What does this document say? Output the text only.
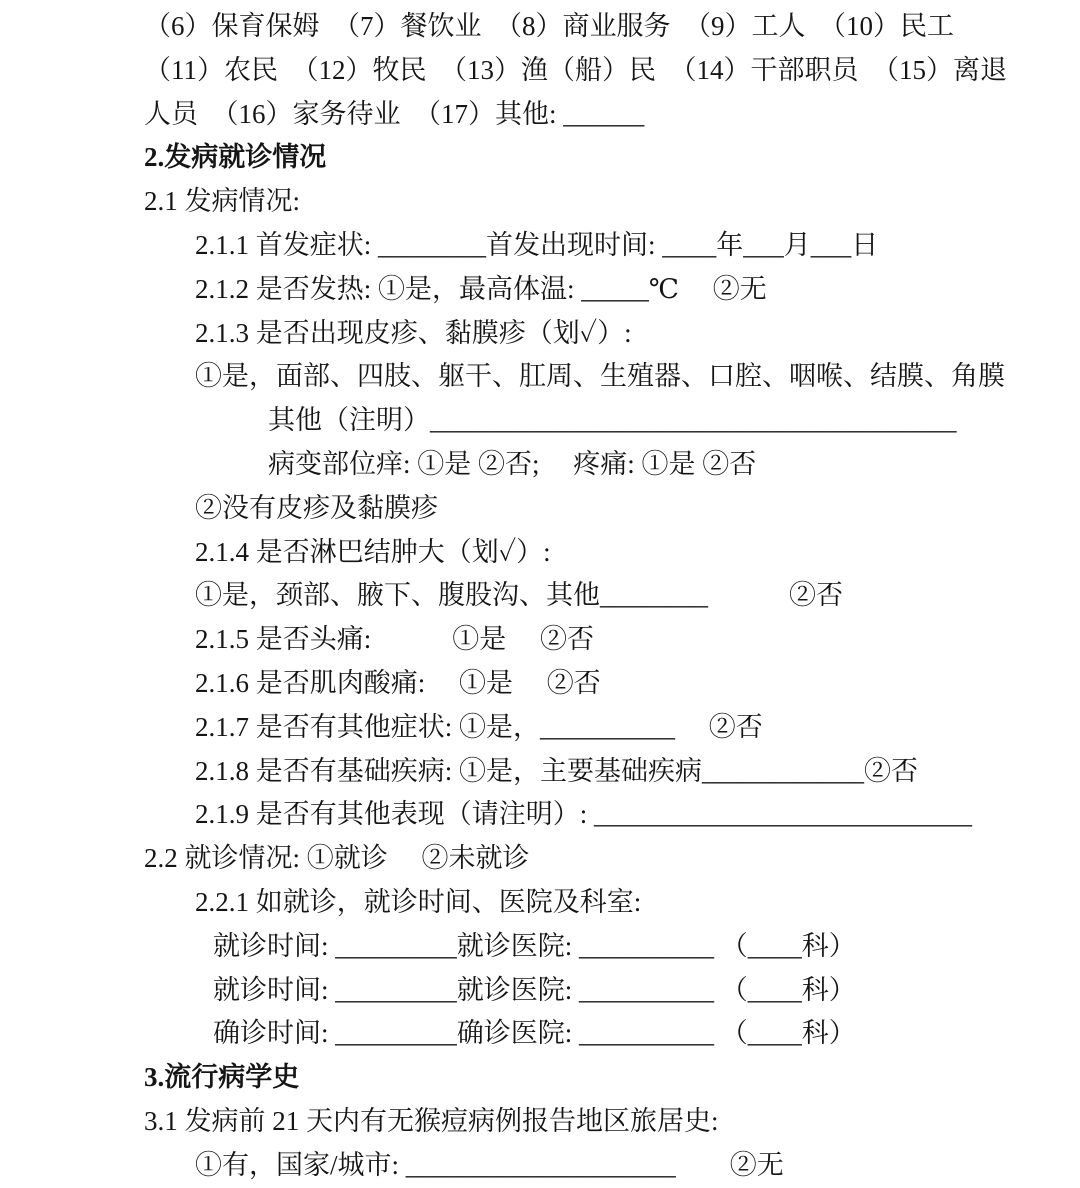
（6）保育保姆　（7）餐饮业　（8）商业服务　（9）工人　（10）民工
（11）农民　（12）牧民　（13）渔（船）民　（14）干部职员　（15）离退
人员　（16）家务待业　（17）其他: ______
2.发病就诊情况
2.1 发病情况:
2.1.1 首发症状: ________首发出现时间: ____年___月___日
2.1.2 是否发热: ①是，最高体温: _____℃　 ②无
2.1.3 是否出现皮疹、黏膜疹（划✓）:
①是，面部、四肢、躯干、肛周、生殖器、口腔、咽喉、结膜、角膜
其他（注明）_______________________________________
病变部位痒: ①是 ②否;　 疼痛: ①是 ②否
②没有皮疹及黏膜疹
2.1.4 是否淋巴结肿大（划✓）:
①是，颈部、腋下、腹股沟、其他________　　　②否
2.1.5 是否头痛:　　　①是　 ②否
2.1.6 是否肌肉酸痛:　 ①是　 ②否
2.1.7 是否有其他症状: ①是，__________　 ②否
2.1.8 是否有基础疾病: ①是，主要基础疾病____________②否
2.1.9 是否有其他表现（请注明）: ____________________________
2.2 就诊情况: ①就诊　 ②未就诊
2.2.1 如就诊，就诊时间、医院及科室:
就诊时间: _________就诊医院: __________ （____科）
就诊时间: _________就诊医院: __________ （____科）
确诊时间: _________确诊医院: __________ （____科）
3.流行病学史
3.1 发病前 21 天内有无猴痘病例报告地区旅居史:
①有，国家/城市: ____________________　　②无
